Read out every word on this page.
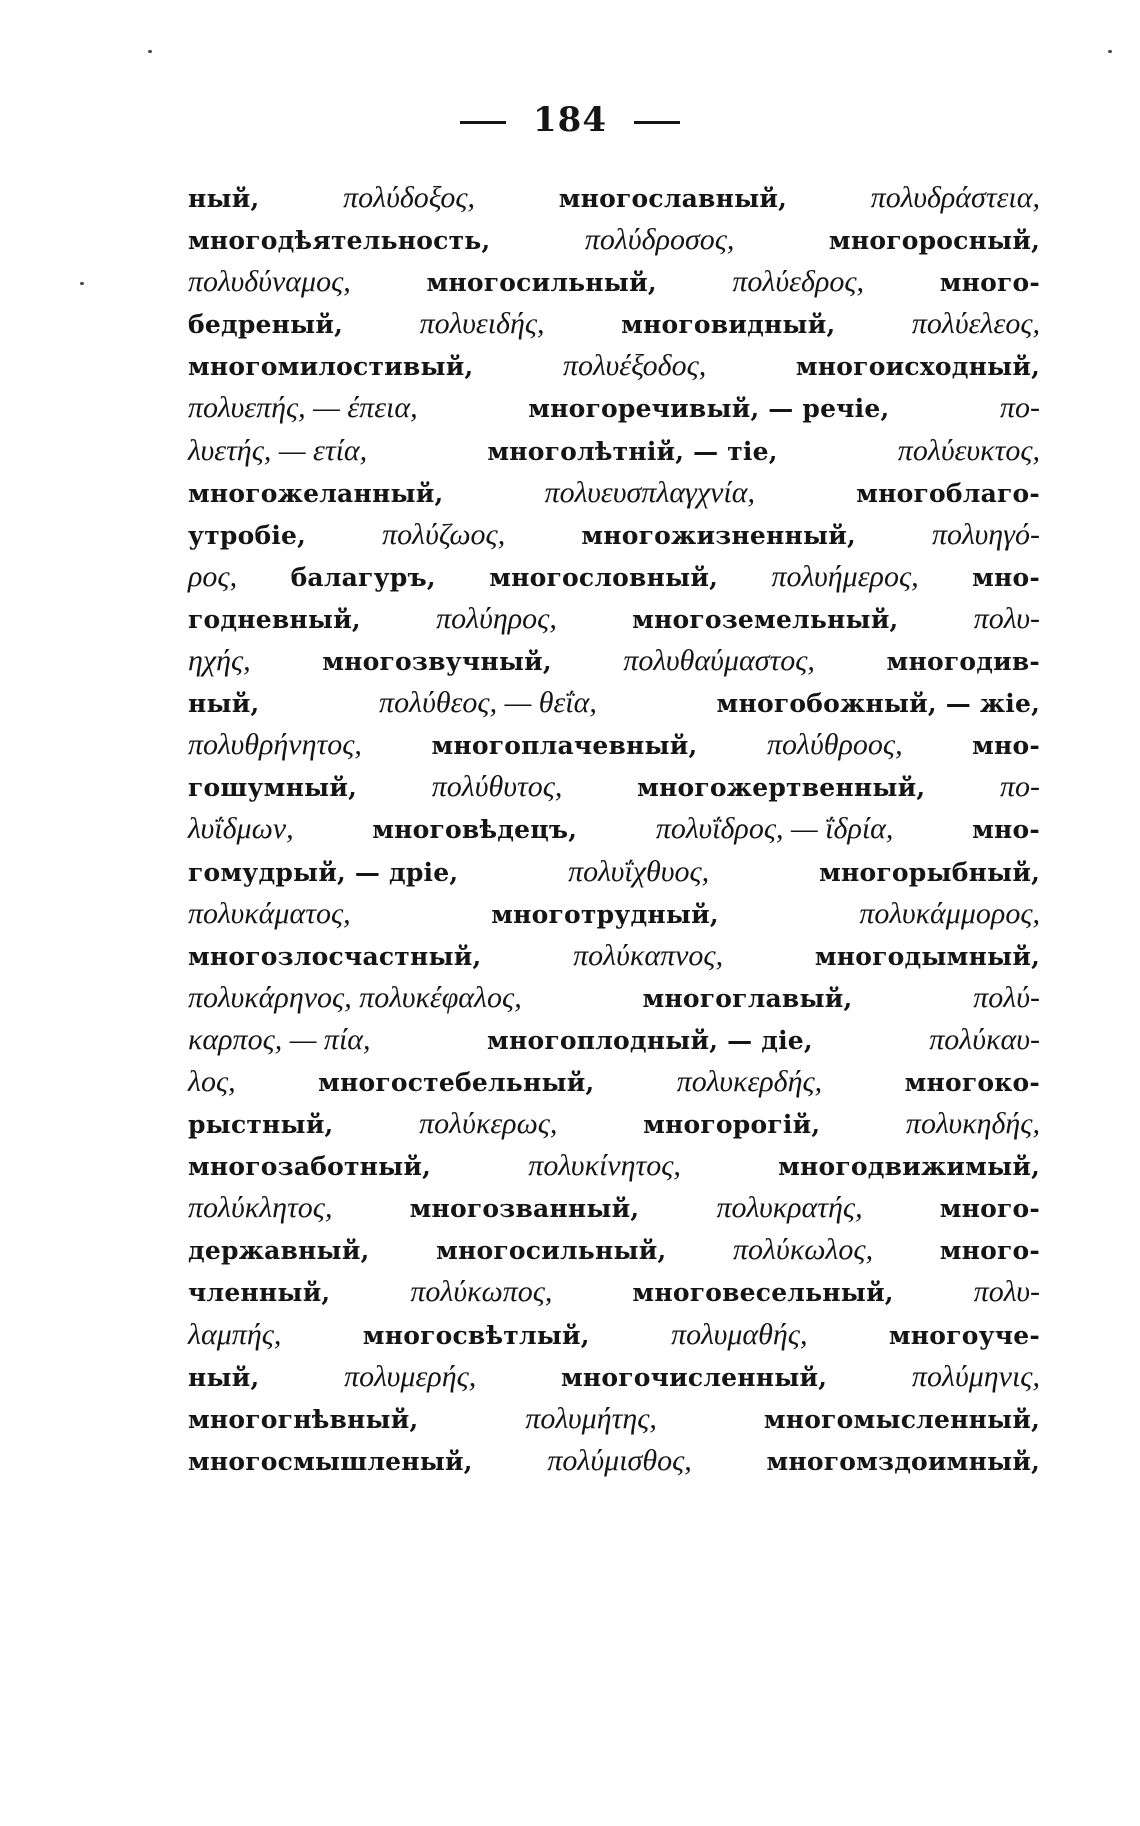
184
ный,	πολύδοξος,	многославный,	πολυδράστεια,
многодѣятельность,	πολύδροσος,	многоросный,
πολυδύναμος,	многосильный,	πολύεδρος,	много-
бедреный,	πολυειδής,	многовидный,	πολύελεος,
многомилостивый,	πολυέξοδος,	многоисходный,
πολυεπής, — έπεια,	многоречивый, — речіе,	πο-
λυετής, — ετία,	многолѣтній, — тіе,	πολύευκτος,
многожеланный,	πολυευσπλαγχνία,	многоблаго-
утробіе,	πολύζωος,	многожизненный,	πολυηγό-
ρος, балагуръ, многословный, πολυήμερος, мно-
годневный,	πολύηρος,	многоземельный,	πολυ-
ηχής,	многозвучный, πολυθαύμαστος,	многодив-
ный,	πολύθεος, — θεΐα,	многобожный, — жіе,
πολυθρήνητος,	многоплачевный, πολύθροος,	мно-
гошумный, πολύθυτος,	многожертвенный, πο-
λυΐδμων,	многовѣдецъ,	πολυΐδρος, — ΐδρία,	мно-
гомудрый, — дріе,	πολυΐχθυος,	многорыбный,
πολυκάματος,	многотрудный,	πολυκάμμορος,
многозлосчастный,	πολύκαπνος,	многодымный,
πολυκάρηνος, πολυκέφαλος,	многоглавый,	πολύ-
καρπος, — πία,	многоплодный, — діе,	πολύκαυ-
λος,	многостебельный,	πολυκερδής,	многоко-
рыстный,	πολύκερως,	многорогій,	πολυκηδής,
многозаботный,	πολυκίνητος,	многодвижимый,
πολύκλητος,	многозванный,	πολυκρατής,	много-
державный,	многосильный, πολύκωλος,	много-
членный,	πολύκωπος,	многовесельный,	πολυ-
λαμπής,	многосвѣтлый,	πολυμαθής,	многоуче-
ный,	πολυμερής,	многочисленный,	πολύμηνις,
многогнѣвный,	πολυμήτης,	многомысленный,
многосмышленый, πολύμισθος,	многомздоимный,
